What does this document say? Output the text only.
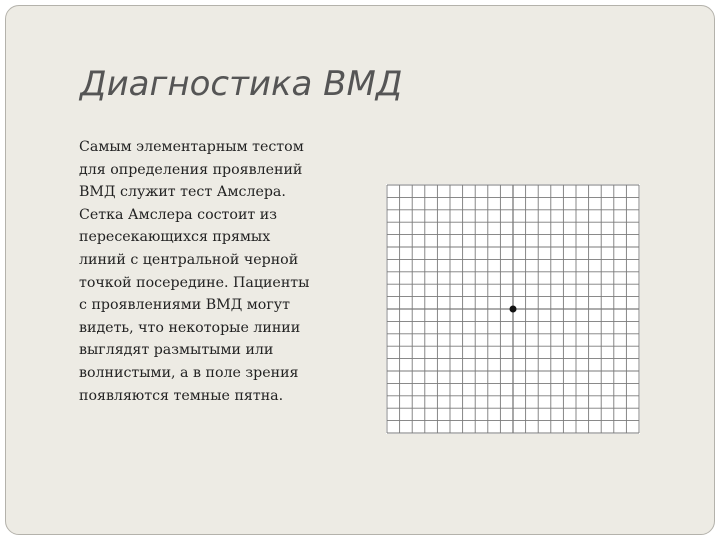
Диагностика ВМД
Самым элементарным тестом
для определения проявлений
ВМД служит тест Амслера.
Сетка Амслера состоит из
пересекающихся прямых
линий с центральной черной
точкой посередине. Пациенты
с проявлениями ВМД могут
видеть, что некоторые линии
выглядят размытыми или
волнистыми, а в поле зрения
появляются темные пятна.
